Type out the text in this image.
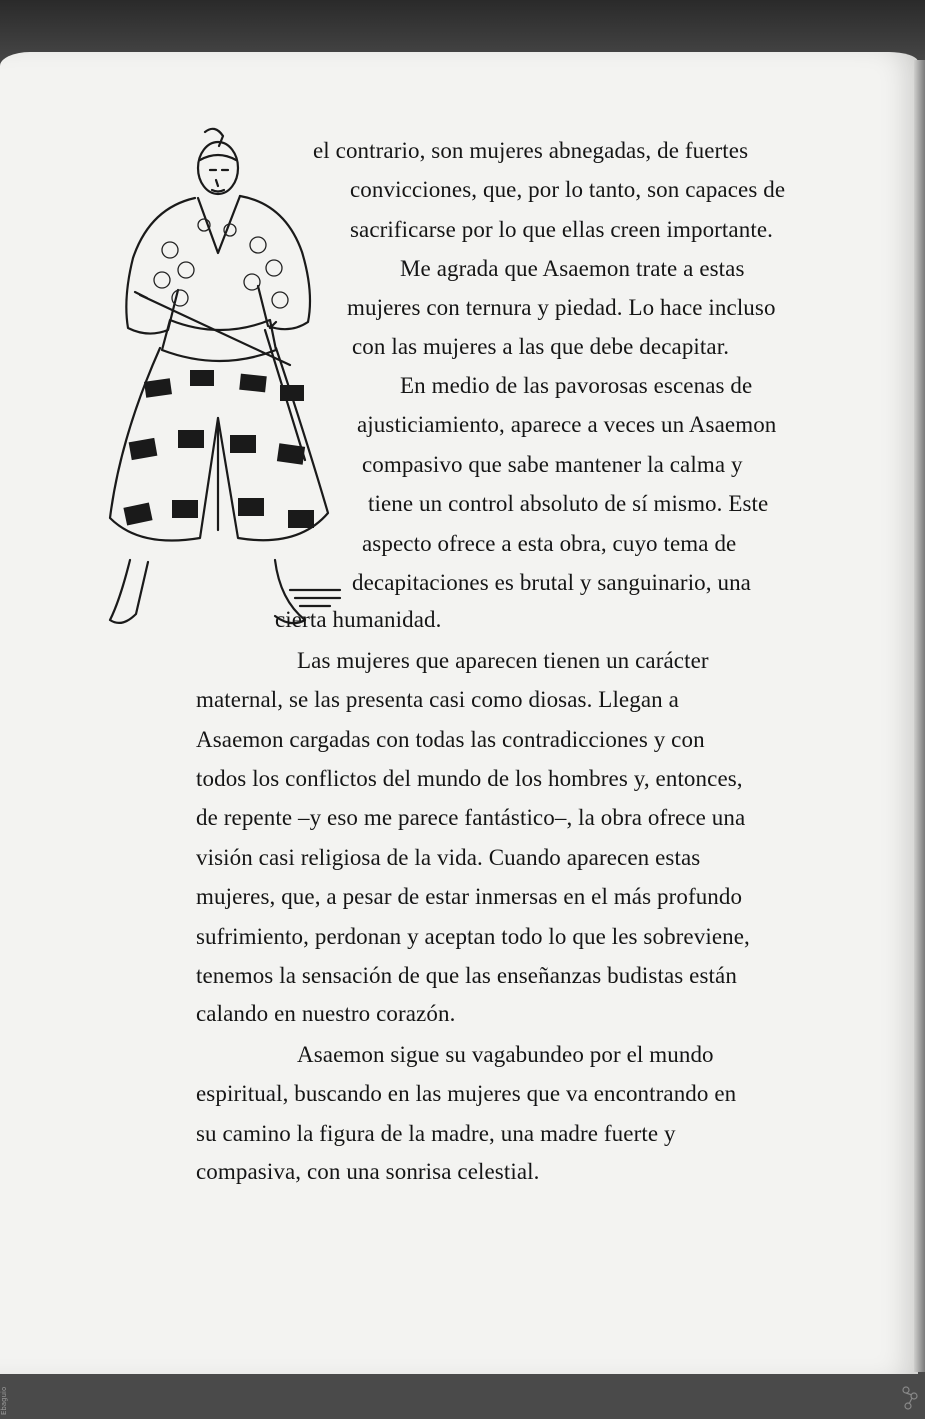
el contrario, son mujeres abnegadas, de fuertes

convicciones, que, por lo tanto, son capaces de

sacrificarse por lo que ellas creen importante.

Me agrada que Asaemon trate a estas

mujeres con ternura y piedad. Lo hace incluso

con las mujeres a las que debe decapitar.

En medio de las pavorosas escenas de

ajusticiamiento, aparece a veces un Asaemon

compasivo que sabe mantener la calma y

tiene un control absoluto de sí mismo. Este

aspecto ofrece a esta obra, cuyo tema de

decapitaciones es brutal y sanguinario, una

cierta humanidad.

Las mujeres que aparecen tienen un carácter

maternal, se las presenta casi como diosas. Llegan a

Asaemon cargadas con todas las contradicciones y con

todos los conflictos del mundo de los hombres y, entonces,

de repente –y eso me parece fantástico–, la obra ofrece una

visión casi religiosa de la vida. Cuando aparecen estas

mujeres, que, a pesar de estar inmersas en el más profundo

sufrimiento, perdonan y aceptan todo lo que les sobreviene,

tenemos la sensación de que las enseñanzas budistas están

calando en nuestro corazón.

Asaemon sigue su vagabundeo por el mundo

espiritual, buscando en las mujeres que va encontrando en

su camino la figura de la madre, una madre fuerte y

compasiva, con una sonrisa celestial.

Ebaguio
